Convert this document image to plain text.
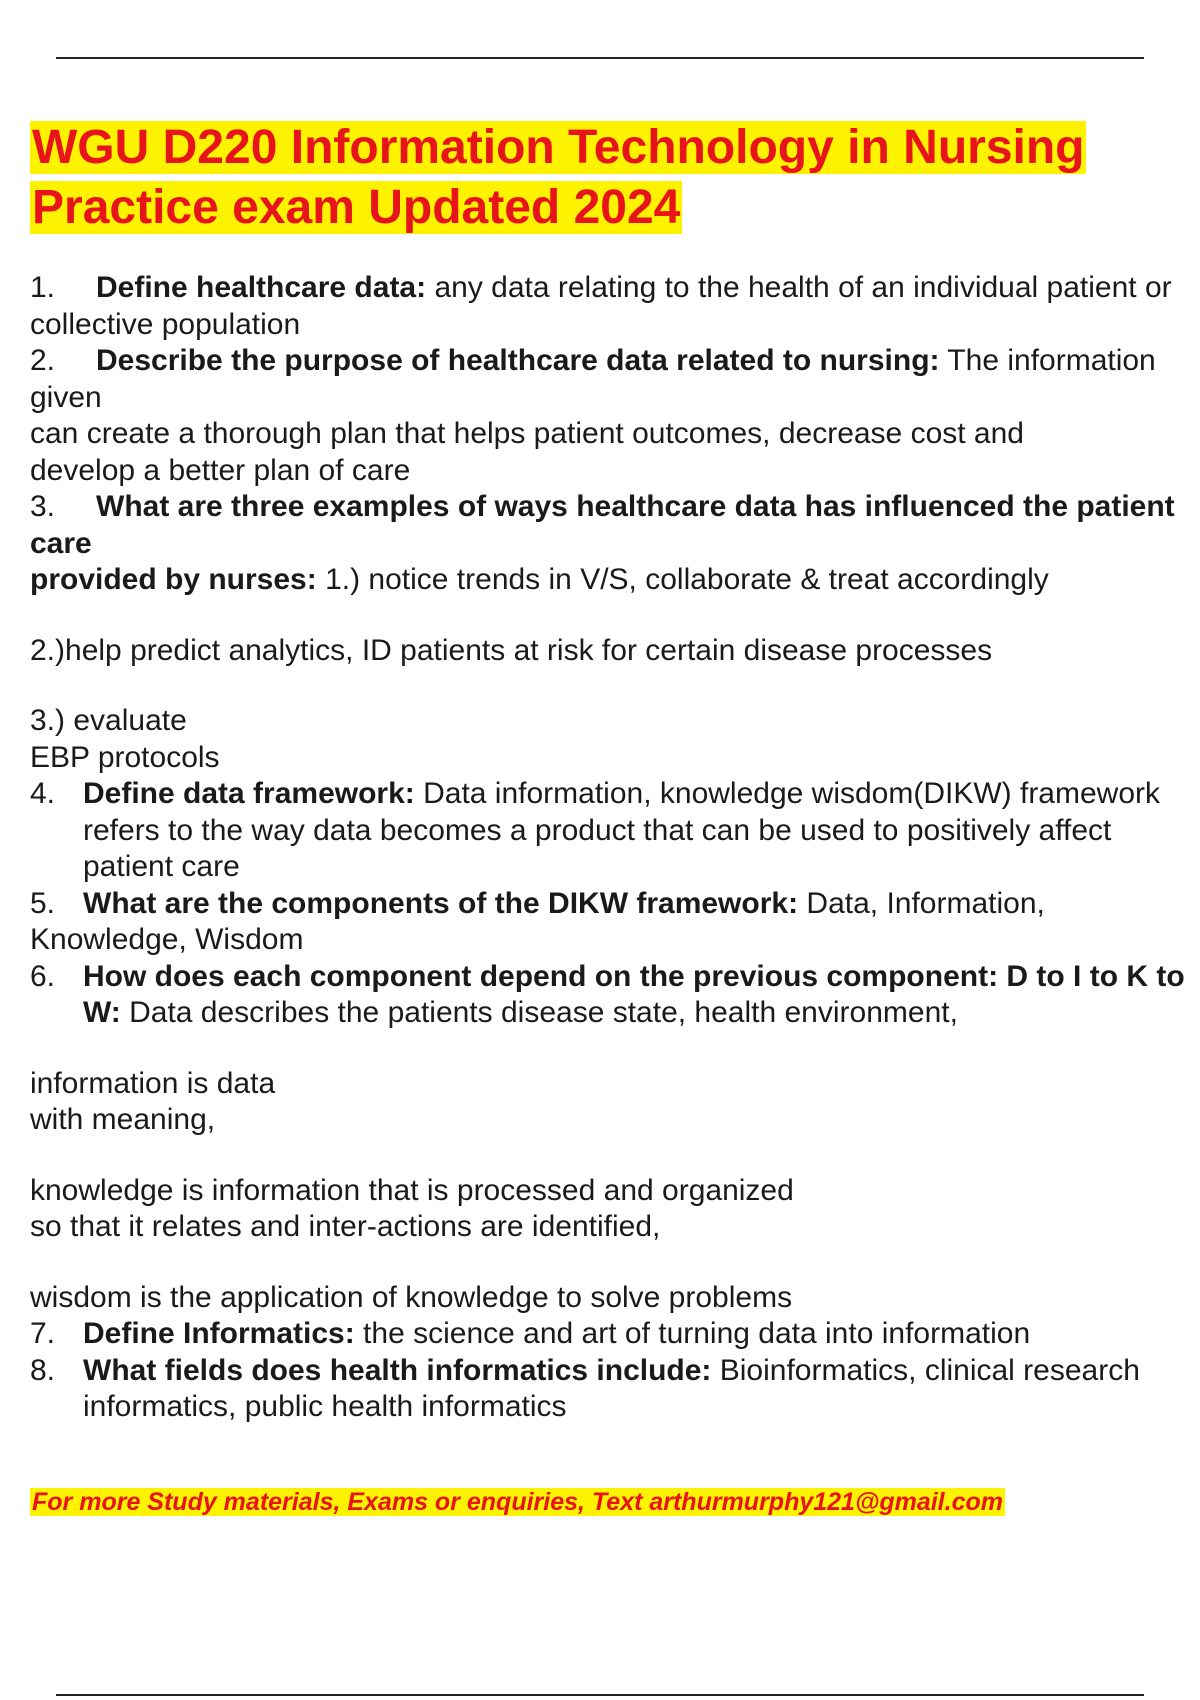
WGU D220 Information Technology in Nursing
Practice exam Updated 2024

1. Define healthcare data: any data relating to the health of an individual patient or collective population

2. Describe the purpose of healthcare data related to nursing: The information given

can create a thorough plan that helps patient outcomes, decrease cost and

develop a better plan of care

3. What are three examples of ways healthcare data has influenced the patient care

provided by nurses: 1.) notice trends in V/S, collaborate & treat accordingly

2.)help predict analytics, ID patients at risk for certain disease processes

3.) evaluate

EBP protocols

4. Define data framework: Data information, knowledge wisdom(DIKW) framework refers to the way data becomes a product that can be used to positively affect patient care
5. What are the components of the DIKW framework: Data, Information,

Knowledge, Wisdom

6. How does each component depend on the previous component: D to I to K to W: Data describes the patients disease state, health environment,

information is data

with meaning,

knowledge is information that is processed and organized

so that it relates and inter-actions are identified,

wisdom is the application of knowledge to solve problems

7. Define Informatics: the science and art of turning data into information
8. What fields does health informatics include: Bioinformatics, clinical research informatics, public health informatics
For more Study materials, Exams or enquiries, Text arthurmurphy121@gmail.com
